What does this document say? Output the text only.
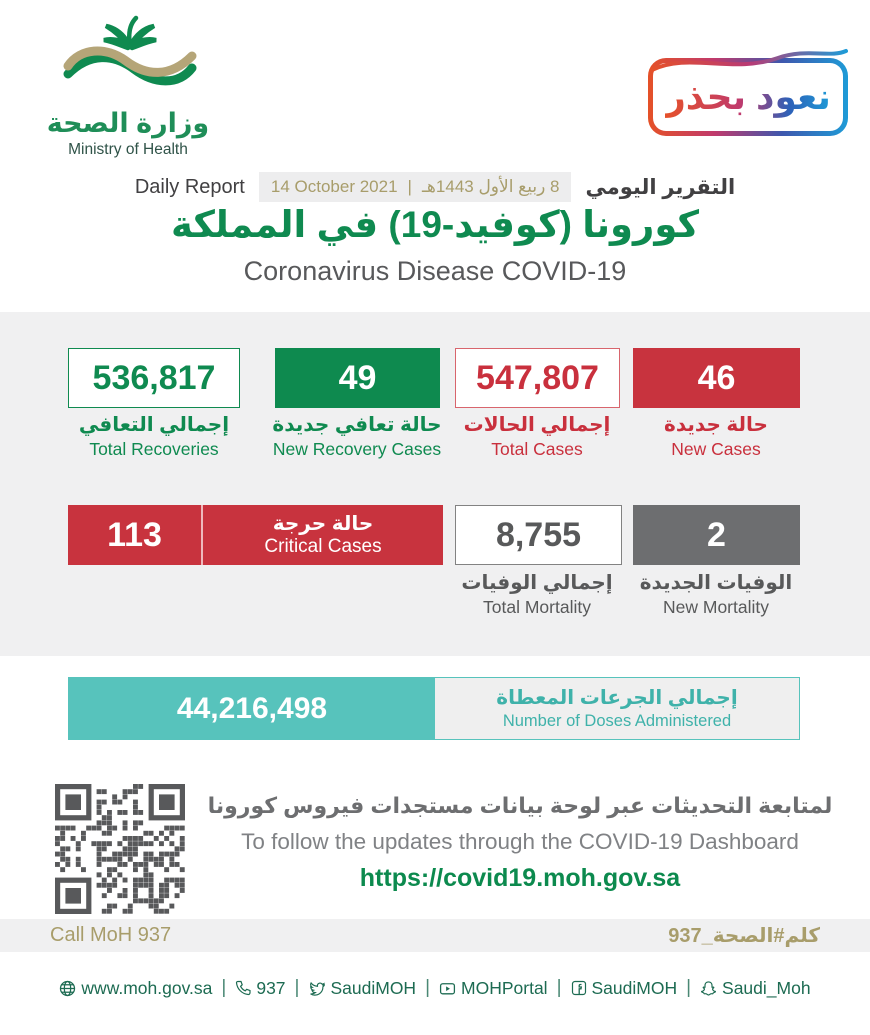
وزارة الصحة
Ministry of Health
نعود بحذر
Daily Report 14 October 2021 | 8 ربيع الأول 1443هـ التقرير اليومي
كورونا (كوفيد-19) في المملكة
Coronavirus Disease COVID-19
536,817	49	547,807	46
إجمالي التعافي
Total Recoveries
حالة تعافي جديدة
New Recovery Cases
إجمالي الحالات
Total Cases
حالة جديدة
New Cases
113	حالة حرجة
Critical Cases	8,755	2
إجمالي الوفيات
Total Mortality
الوفيات الجديدة
New Mortality
44,216,498	إجمالي الجرعات المعطاة
Number of Doses Administered
لمتابعة التحديثات عبر لوحة بيانات مستجدات فيروس كورونا
To follow the updates through the COVID-19 Dashboard
https://covid19.moh.gov.sa
Call MoH 937	كلم#الصحة_937
www.moh.gov.sa | 937 | SaudiMOH | MOHPortal | SaudiMOH | Saudi_Moh
